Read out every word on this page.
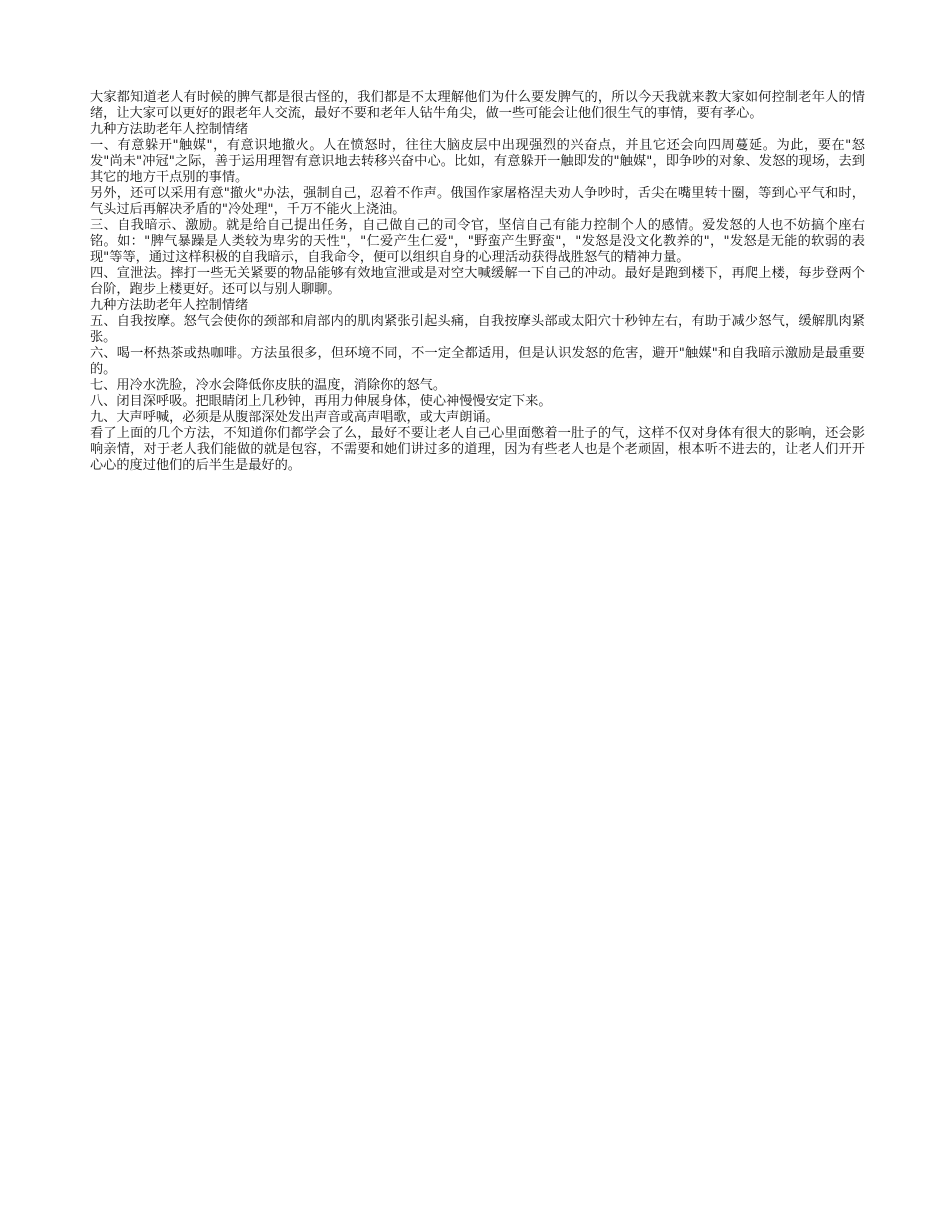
大家都知道老人有时候的脾气都是很古怪的，我们都是不太理解他们为什么要发脾气的，所以今天我就来教大家如何控制老年人的情绪，让大家可以更好的跟老年人交流，最好不要和老年人钻牛角尖，做一些可能会让他们很生气的事情，要有孝心。

九种方法助老年人控制情绪

一、有意躲开"触媒"，有意识地撤火。人在愤怒时，往往大脑皮层中出现强烈的兴奋点，并且它还会向四周蔓延。为此，要在"怒发"尚未"冲冠"之际，善于运用理智有意识地去转移兴奋中心。比如，有意躲开一触即发的"触媒"，即争吵的对象、发怒的现场，去到其它的地方干点别的事情。

另外，还可以采用有意"撤火"办法，强制自己，忍着不作声。俄国作家屠格涅夫劝人争吵时，舌尖在嘴里转十圈，等到心平气和时，气头过后再解决矛盾的"冷处理"，千万不能火上浇油。

三、自我暗示、激励。就是给自己提出任务，自己做自己的司令官，坚信自己有能力控制个人的感情。爱发怒的人也不妨搞个座右铭。如："脾气暴躁是人类较为卑劣的天性"，"仁爱产生仁爱"，"野蛮产生野蛮"，"发怒是没文化教养的"，"发怒是无能的软弱的表现"等等，通过这样积极的自我暗示，自我命令，便可以组织自身的心理活动获得战胜怒气的精神力量。

四、宣泄法。摔打一些无关紧要的物品能够有效地宣泄或是对空大喊缓解一下自己的冲动。最好是跑到楼下，再爬上楼，每步登两个台阶，跑步上楼更好。还可以与别人聊聊。

九种方法助老年人控制情绪

五、自我按摩。怒气会使你的颈部和肩部内的肌肉紧张引起头痛，自我按摩头部或太阳穴十秒钟左右，有助于减少怒气，缓解肌肉紧张。

六、喝一杯热茶或热咖啡。方法虽很多，但环境不同，不一定全都适用，但是认识发怒的危害，避开"触媒"和自我暗示激励是最重要的。

七、用冷水洗脸，冷水会降低你皮肤的温度，消除你的怒气。

八、闭目深呼吸。把眼睛闭上几秒钟，再用力伸展身体，使心神慢慢安定下来。

九、大声呼喊，必须是从腹部深处发出声音或高声唱歌，或大声朗诵。

看了上面的几个方法，不知道你们都学会了么，最好不要让老人自己心里面憋着一肚子的气，这样不仅对身体有很大的影响，还会影响亲情，对于老人我们能做的就是包容，不需要和她们讲过多的道理，因为有些老人也是个老顽固，根本听不进去的，让老人们开开心心的度过他们的后半生是最好的。
